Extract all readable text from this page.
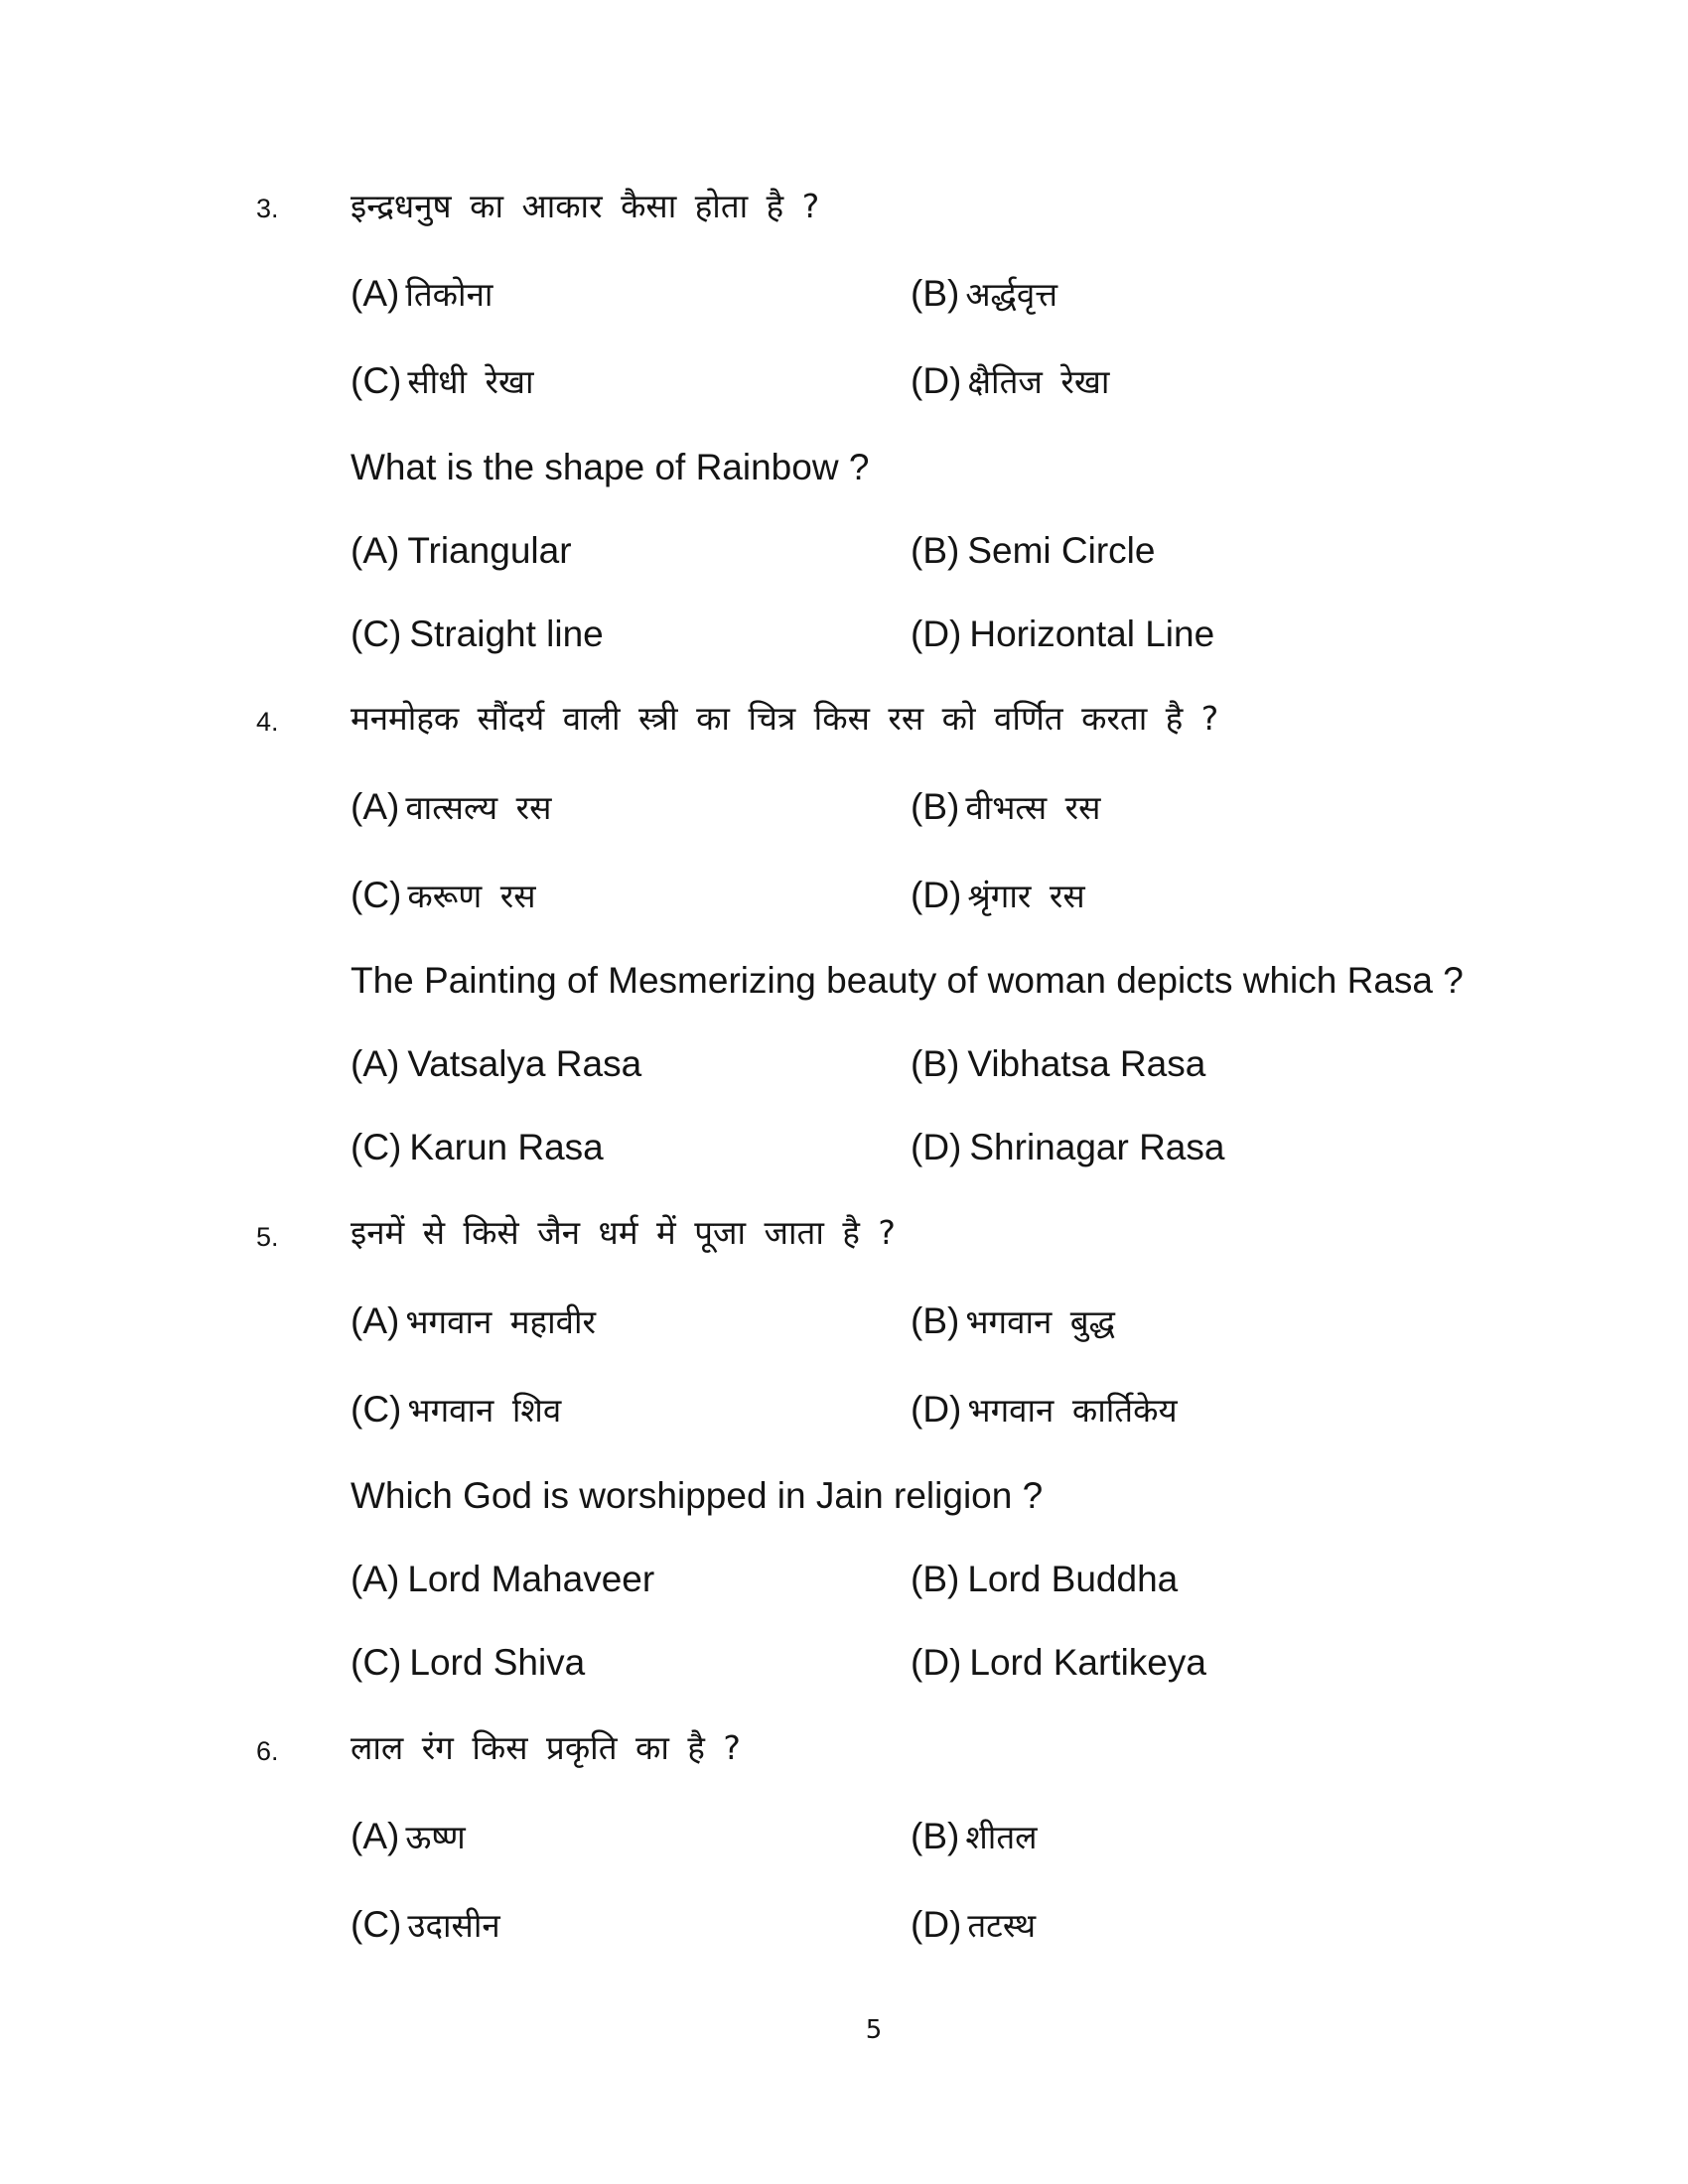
3. इन्द्रधनुष का आकार कैसा होता है ?
(A) तिकोना	(B) अर्द्धवृत्त
(C) सीधी रेखा	(D) क्षैतिज रेखा
What is the shape of Rainbow ?
(A) Triangular	(B) Semi Circle
(C) Straight line	(D) Horizontal Line
4. मनमोहक सौंदर्य वाली स्त्री का चित्र किस रस को वर्णित करता है ?
(A) वात्सल्य रस	(B) वीभत्स रस
(C) करूण रस	(D) श्रृंगार रस
The Painting of Mesmerizing beauty of woman depicts which Rasa ?
(A) Vatsalya Rasa	(B) Vibhatsa Rasa
(C) Karun Rasa	(D) Shrinagar Rasa
5. इनमें से किसे जैन धर्म में पूजा जाता है ?
(A) भगवान महावीर	(B) भगवान बुद्ध
(C) भगवान शिव	(D) भगवान कार्तिकेय
Which God is worshipped in Jain religion ?
(A) Lord Mahaveer	(B) Lord Buddha
(C) Lord Shiva	(D) Lord Kartikeya
6. लाल रंग किस प्रकृति का है ?
(A) ऊष्ण	(B) शीतल
(C) उदासीन	(D) तटस्थ
5
